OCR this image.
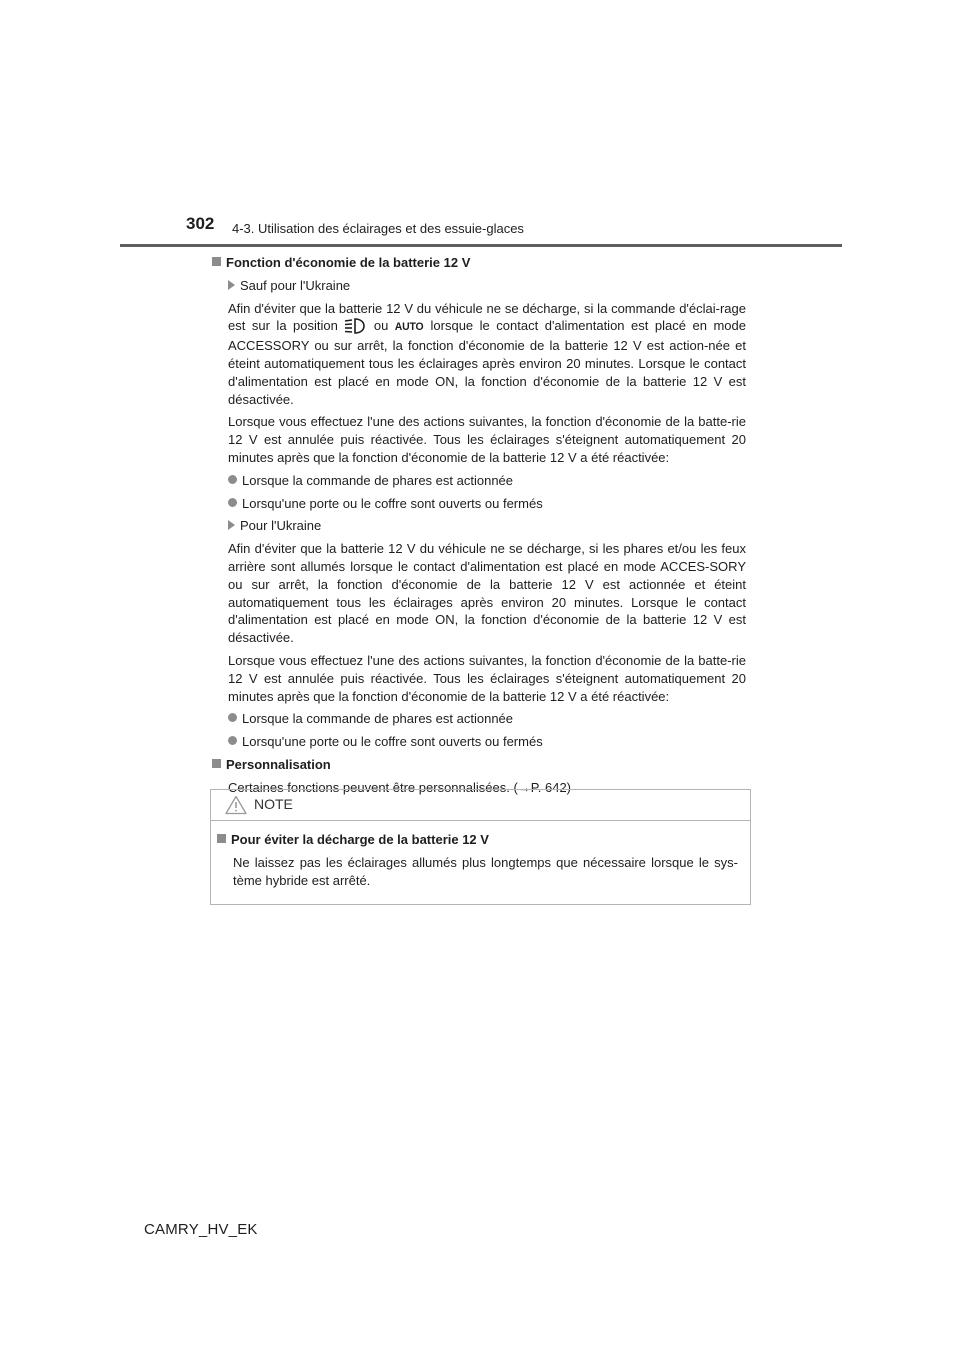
302 4-3. Utilisation des éclairages et des essuie-glaces
Fonction d'économie de la batterie 12 V
Sauf pour l'Ukraine

Afin d'éviter que la batterie 12 V du véhicule ne se décharge, si la commande d'éclai-rage est sur la position	ou AUTO lorsque le contact d'alimentation est placé en mode ACCESSORY ou sur arrêt, la fonction d'économie de la batterie 12 V est action-née et éteint automatiquement tous les éclairages après environ 20 minutes. Lorsque le contact d'alimentation est placé en mode ON, la fonction d'économie de la batterie 12 V est désactivée.

Lorsque vous effectuez l'une des actions suivantes, la fonction d'économie de la batte-rie 12 V est annulée puis réactivée. Tous les éclairages s'éteignent automatiquement 20 minutes après que la fonction d'économie de la batterie 12 V a été réactivée:

Lorsque la commande de phares est actionnée
Lorsqu'une porte ou le coffre sont ouverts ou fermés
Pour l'Ukraine

Afin d'éviter que la batterie 12 V du véhicule ne se décharge, si les phares et/ou les feux arrière sont allumés lorsque le contact d'alimentation est placé en mode ACCES-SORY ou sur arrêt, la fonction d'économie de la batterie 12 V est actionnée et éteint automatiquement tous les éclairages après environ 20 minutes. Lorsque le contact d'alimentation est placé en mode ON, la fonction d'économie de la batterie 12 V est désactivée.

Lorsque vous effectuez l'une des actions suivantes, la fonction d'économie de la batte-rie 12 V est annulée puis réactivée. Tous les éclairages s'éteignent automatiquement 20 minutes après que la fonction d'économie de la batterie 12 V a été réactivée:

Lorsque la commande de phares est actionnée
Lorsqu'une porte ou le coffre sont ouverts ou fermés
Personnalisation

Certaines fonctions peuvent être personnalisées. (→P. 642)

NOTE
Pour éviter la décharge de la batterie 12 V

Ne laissez pas les éclairages allumés plus longtemps que nécessaire lorsque le sys-tème hybride est arrêté.

CAMRY_HV_EK
